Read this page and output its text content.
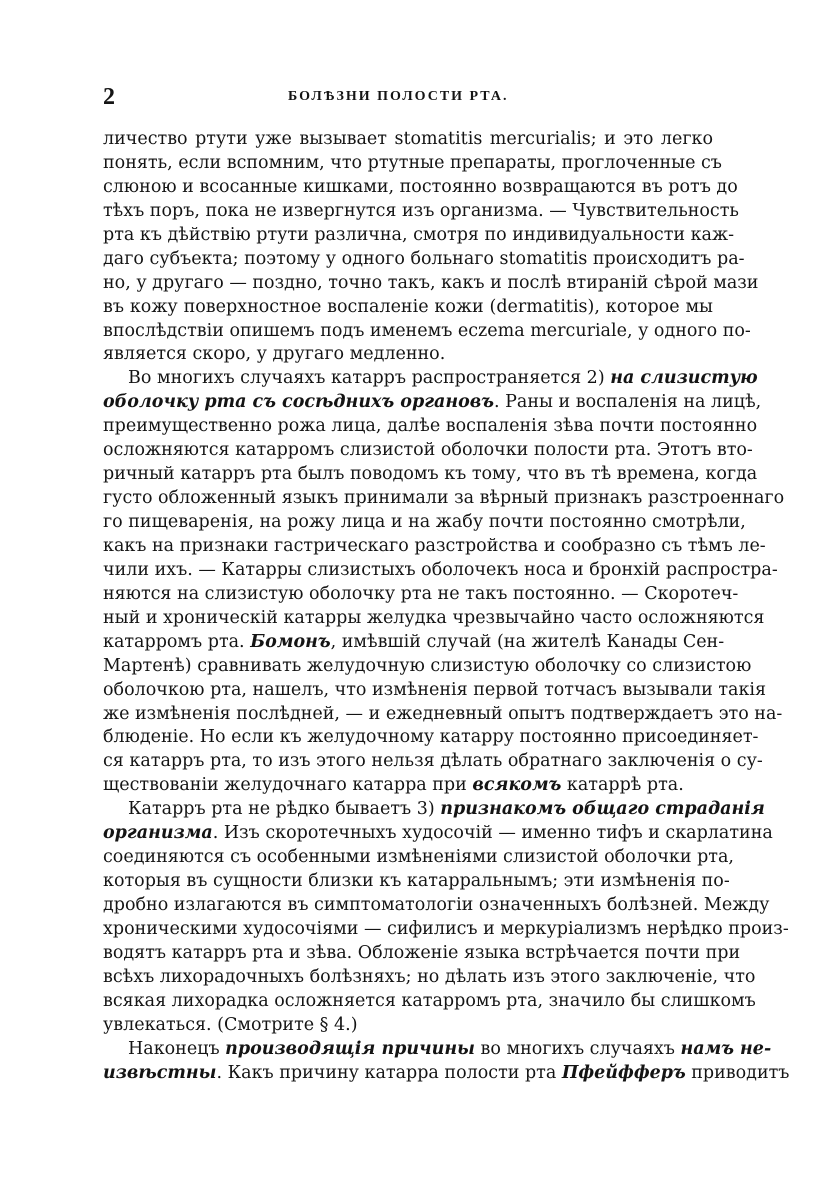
2	БОЛѢЗНИ ПОЛОСТИ РТА.
личество ртути уже вызывает stomatitis mercurialis; и это легко
понять, если вспомним, что ртутные препараты, проглоченные съ
слюною и всосанные кишками, постоянно возвращаются въ ротъ до
тѣхъ поръ, пока не извергнутся изъ организма. — Чувствительность
рта къ дѣйствію ртути различна, смотря по индивидуальности каж-
даго субъекта; поэтому у одного больнаго stomatitis происходитъ ра-
но, у другаго — поздно, точно такъ, какъ и послѣ втираній сѣрой мази
въ кожу поверхностное воспаленіе кожи (dermatitis), которое мы
впослѣдствіи опишемъ подъ именемъ eczema mercuriale, у одного по-
является скоро, у другаго медленно.
Во многихъ случаяхъ катарръ распространяется 2) на слизистую
оболочку рта съ сосѣднихъ органовъ. Раны и воспаленія на лицѣ,
преимущественно рожа лица, далѣе воспаленія зѣва почти постоянно
осложняются катарромъ слизистой оболочки полости рта. Этотъ вто-
ричный катарръ рта былъ поводомъ къ тому, что въ тѣ времена, когда
густо обложенный языкъ принимали за вѣрный признакъ разстроеннаго
го пищеваренія, на рожу лица и на жабу почти постоянно смотрѣли,
какъ на признаки гастрическаго разстройства и сообразно съ тѣмъ ле-
чили ихъ. — Катарры слизистыхъ оболочекъ носа и бронхій распростра-
няются на слизистую оболочку рта не такъ постоянно. — Скоротеч-
ный и хроническій катарры желудка чрезвычайно часто осложняются
катарромъ рта. Бомонъ, имѣвшій случай (на жителѣ Канады Сен-
Мартенѣ) сравнивать желудочную слизистую оболочку со слизистою
оболочкою рта, нашелъ, что измѣненія первой тотчасъ вызывали такія
же измѣненія послѣдней, — и ежедневный опытъ подтверждаетъ это на-
блюденіе. Но если къ желудочному катарру постоянно присоединяет-
ся катарръ рта, то изъ этого нельзя дѣлать обратнаго заключенія о су-
ществованіи желудочнаго катарра при всякомъ катаррѣ рта.
Катарръ рта не рѣдко бываетъ 3) признакомъ общаго страданія
организма. Изъ скоротечныхъ худосочій — именно тифъ и скарлатина
соединяются съ особенными измѣненіями слизистой оболочки рта,
которыя въ сущности близки къ катарральнымъ; эти измѣненія по-
дробно излагаются въ симптоматологіи означенныхъ болѣзней. Между
хроническими худосочіями — сифилисъ и меркуріализмъ нерѣдко произ-
водятъ катарръ рта и зѣва. Обложеніе языка встрѣчается почти при
всѣхъ лихорадочныхъ болѣзняхъ; но дѣлать изъ этого заключеніе, что
всякая лихорадка осложняется катарромъ рта, значило бы слишкомъ
увлекаться. (Смотрите § 4.)
Наконецъ производящія причины во многихъ случаяхъ намъ не-
извѣстны. Какъ причину катарра полости рта Пфейфферъ приводитъ
